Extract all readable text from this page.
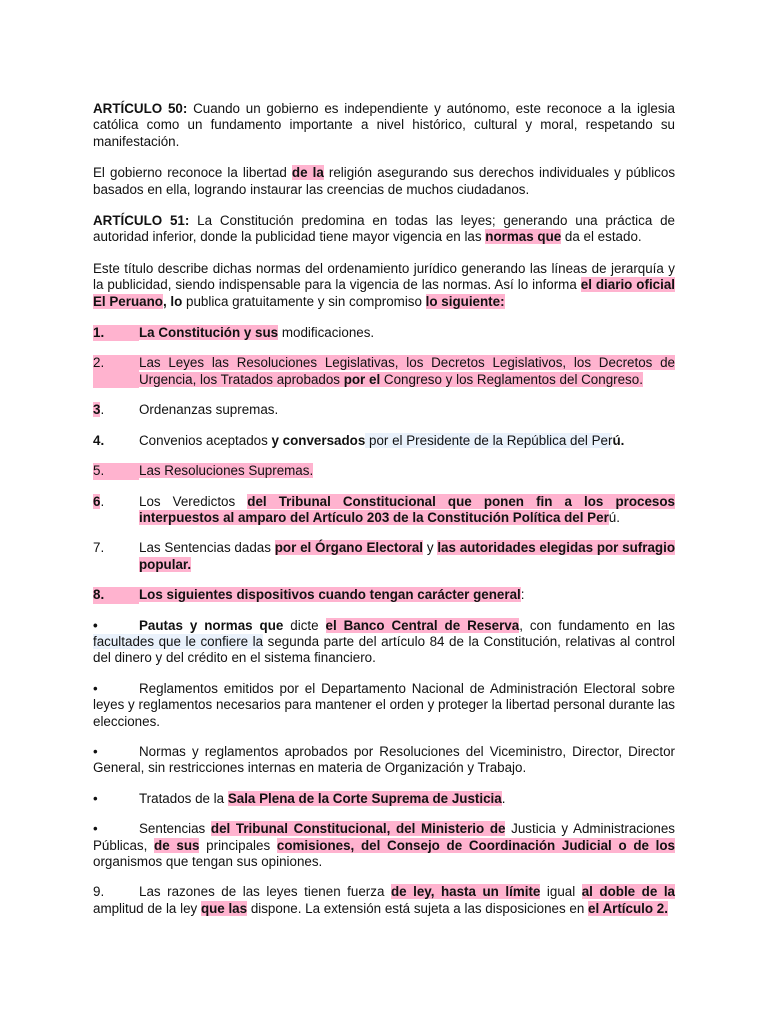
ARTÍCULO 50: Cuando un gobierno es independiente y autónomo, este reconoce a la iglesia católica como un fundamento importante a nivel histórico, cultural y moral, respetando su manifestación.

El gobierno reconoce la libertad de la religión asegurando sus derechos individuales y públicos basados en ella, logrando instaurar las creencias de muchos ciudadanos.

ARTÍCULO 51: La Constitución predomina en todas las leyes; generando una práctica de autoridad inferior, donde la publicidad tiene mayor vigencia en las normas que da el estado.

Este título describe dichas normas del ordenamiento jurídico generando las líneas de jerarquía y la publicidad, siendo indispensable para la vigencia de las normas. Así lo informa el diario oficial El Peruano, lo publica gratuitamente y sin compromiso lo siguiente:

1.	La Constitución y sus modificaciones.
2.	Las Leyes las Resoluciones Legislativas, los Decretos Legislativos, los Decretos de Urgencia, los Tratados aprobados por el Congreso y los Reglamentos del Congreso.
3.	Ordenanzas supremas.
4.	Convenios aceptados y conversados por el Presidente de la República del Perú.
5.	Las Resoluciones Supremas.
6.	Los Veredictos del Tribunal Constitucional que ponen fin a los procesos interpuestos al amparo del Artículo 203 de la Constitución Política del Perú.
7.	Las Sentencias dadas por el Órgano Electoral y las autoridades elegidas por sufragio popular.
8.	Los siguientes dispositivos cuando tengan carácter general:

•	Pautas y normas que dicte el Banco Central de Reserva, con fundamento en las facultades que le confiere la segunda parte del artículo 84 de la Constitución, relativas al control del dinero y del crédito en el sistema financiero.

•	Reglamentos emitidos por el Departamento Nacional de Administración Electoral sobre leyes y reglamentos necesarios para mantener el orden y proteger la libertad personal durante las elecciones.

•	Normas y reglamentos aprobados por Resoluciones del Viceministro, Director, Director General, sin restricciones internas en materia de Organización y Trabajo.

•	Tratados de la Sala Plena de la Corte Suprema de Justicia.

•	Sentencias del Tribunal Constitucional, del Ministerio de Justicia y Administraciones Públicas, de sus principales comisiones, del Consejo de Coordinación Judicial o de los organismos que tengan sus opiniones.

9.	Las razones de las leyes tienen fuerza de ley, hasta un límite igual al doble de la amplitud de la ley que las dispone. La extensión está sujeta a las disposiciones en el Artículo 2.
